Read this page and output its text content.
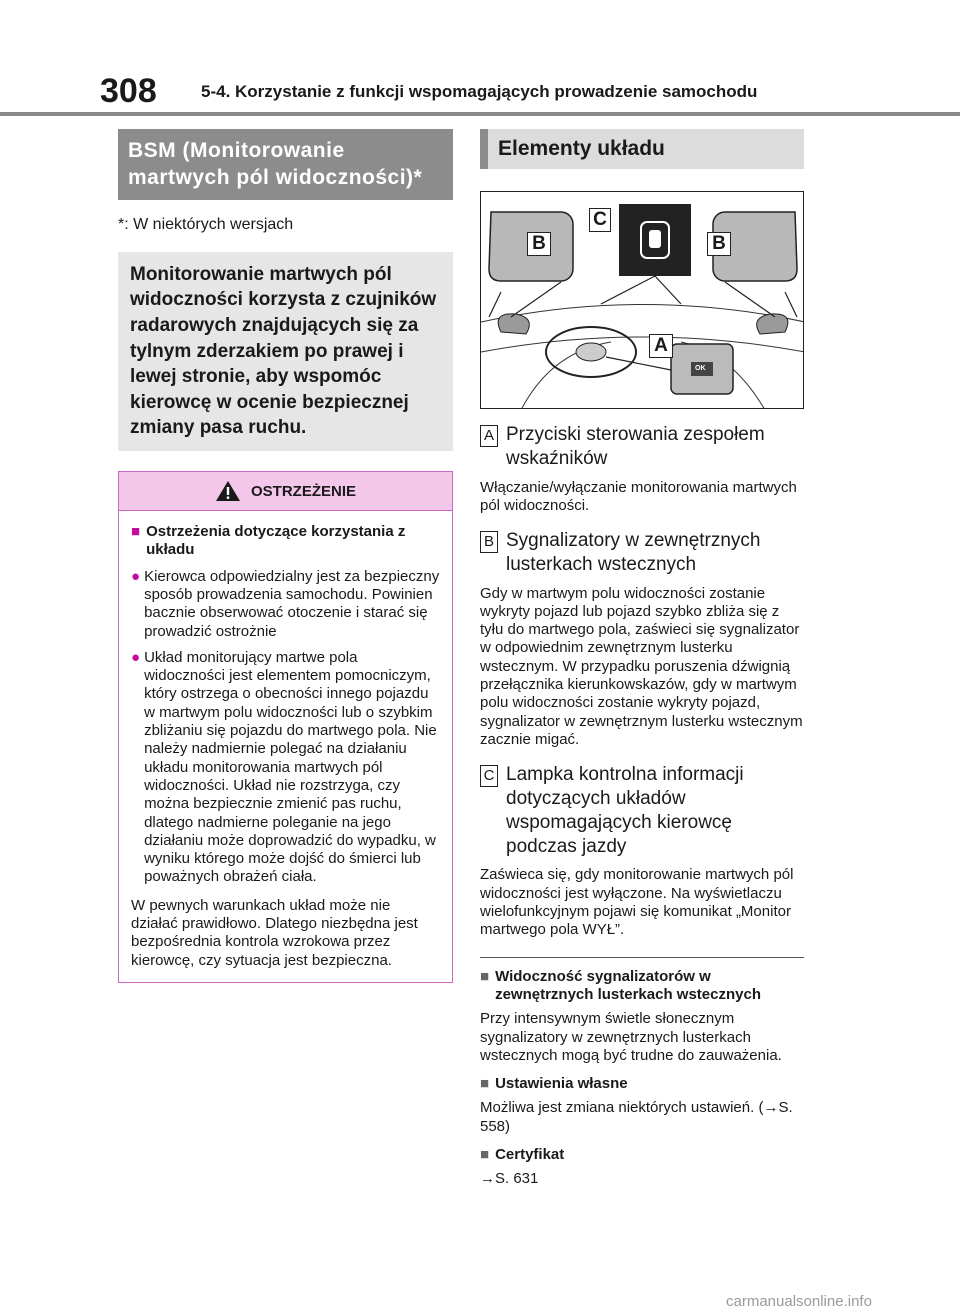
308	5-4. Korzystanie z funkcji wspomagających prowadzenie samochodu
BSM (Monitorowanie martwych pól widoczności)*
*: W niektórych wersjach
Monitorowanie martwych pól widoczności korzysta z czujników radarowych znajdujących się za tylnym zderzakiem po prawej i lewej stronie, aby wspomóc kierowcę w ocenie bezpiecznej zmiany pasa ruchu.
OSTRZEŻENIE
■ Ostrzeżenia dotyczące korzystania z układu
● Kierowca odpowiedzialny jest za bezpieczny sposób prowadzenia samochodu. Powinien bacznie obserwować otoczenie i starać się prowadzić ostrożnie
● Układ monitorujący martwe pola widoczności jest elementem pomocniczym, który ostrzega o obecności innego pojazdu w martwym polu widoczności lub o szybkim zbliżaniu się pojazdu do martwego pola. Nie należy nadmiernie polegać na działaniu układu monitorowania martwych pól widoczności. Układ nie rozstrzyga, czy można bezpiecznie zmienić pas ruchu, dlatego nadmierne poleganie na jego działaniu może doprowadzić do wypadku, w wyniku którego może dojść do śmierci lub poważnych obrażeń ciała.
W pewnych warunkach układ może nie działać prawidłowo. Dlatego niezbędna jest bezpośrednia kontrola wzrokowa przez kierowcę, czy sytuacja jest bezpieczna.
Elementy układu
B
C
B
A
OK
A Przyciski sterowania zespołem wskaźników
Włączanie/wyłączanie monitorowania martwych pól widoczności.
B Sygnalizatory w zewnętrznych lusterkach wstecznych
Gdy w martwym polu widoczności zostanie wykryty pojazd lub pojazd szybko zbliża się z tyłu do martwego pola, zaświeci się sygnalizator w odpowiednim zewnętrznym lusterku wstecznym. W przypadku poruszenia dźwignią przełącznika kierunkowskazów, gdy w martwym polu widoczności zostanie wykryty pojazd, sygnalizator w zewnętrznym lusterku wstecznym zacznie migać.
C Lampka kontrolna informacji dotyczących układów wspomagających kierowcę podczas jazdy
Zaświeca się, gdy monitorowanie martwych pól widoczności jest wyłączone. Na wyświetlaczu wielofunkcyjnym pojawi się komunikat „Monitor martwego pola WYŁ”.
■ Widoczność sygnalizatorów w zewnętrznych lusterkach wstecznych
Przy intensywnym świetle słonecznym sygnalizatory w zewnętrznych lusterkach wstecznych mogą być trudne do zauważenia.
■ Ustawienia własne
Możliwa jest zmiana niektórych ustawień. (→S. 558)
■ Certyfikat
→S. 631
carmanualsonline.info
